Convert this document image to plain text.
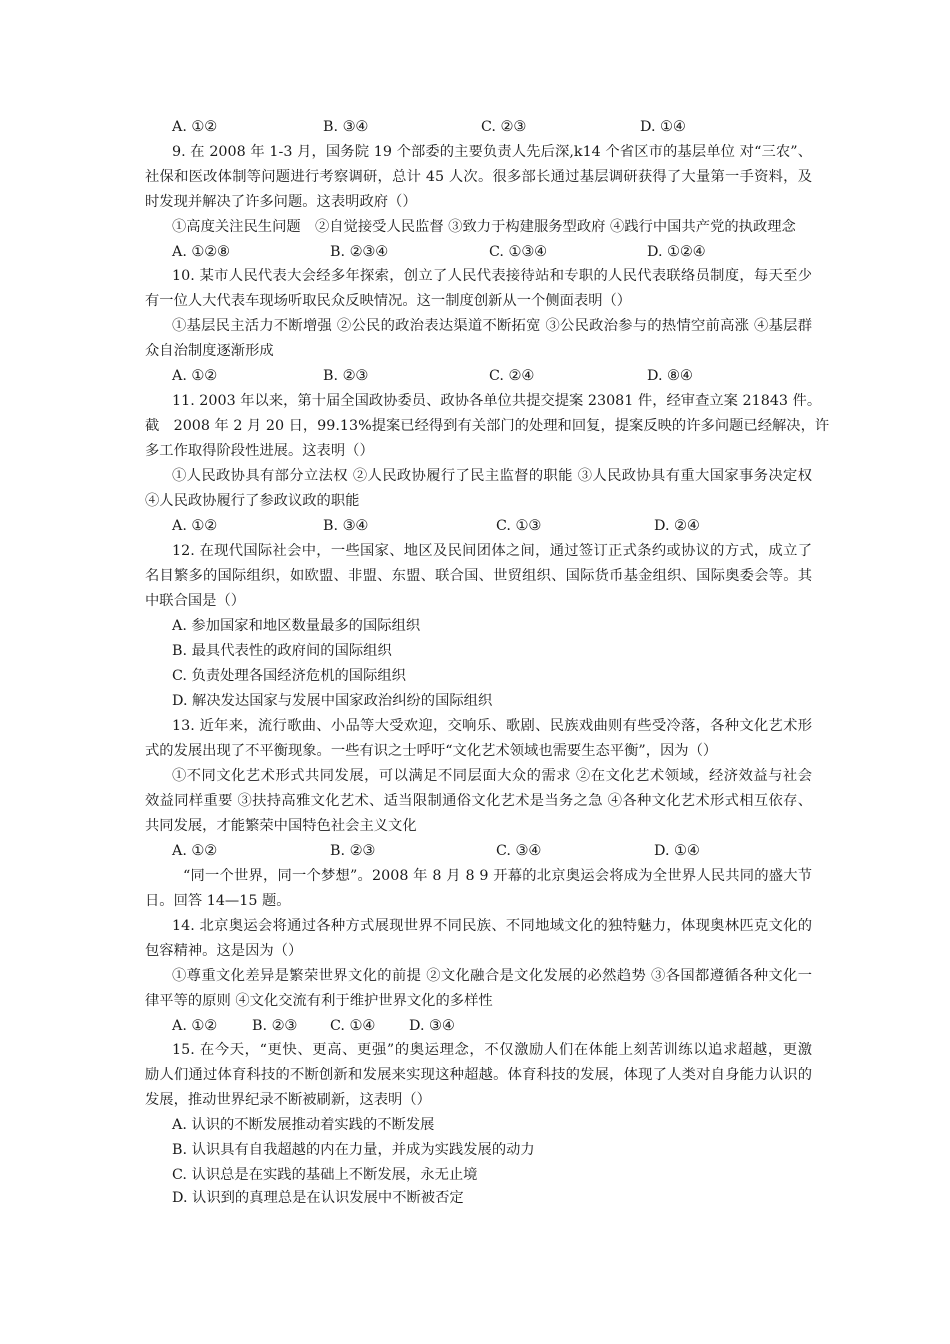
A. ①②	B. ③④	C. ②③	D. ①④
9. 在 2008 年 1-3 月，国务院 19 个部委的主要负责人先后深,k14 个省区市的基层单位 对“三农”、
社保和医改体制等问题进行考察调研，总计 45 人次。很多部长通过基层调研获得了大量第一手资料，及
时发现并解决了许多问题。这表明政府（）
①高度关注民生问题　②自觉接受人民监督 ③致力于构建服务型政府 ④践行中国共产党的执政理念
A. ①②⑧	B. ②③④	C. ①③④	D. ①②④
10. 某市人民代表大会经多年探索，创立了人民代表接待站和专职的人民代表联络员制度，每天至少
有一位人大代表车现场听取民众反映情况。这一制度创新从一个侧面表明（）
①基层民主活力不断增强 ②公民的政治表达渠道不断拓宽 ③公民政治参与的热情空前高涨 ④基层群
众自治制度逐渐形成
A. ①②	B. ②③	C. ②④	D. ⑧④
11. 2003 年以来，第十届全国政协委员、政协各单位共提交提案 23081 件，经审查立案 21843 件。
截　2008 年 2 月 20 日，99.13%提案已经得到有关部门的处理和回复，提案反映的许多问题已经解决，许
多工作取得阶段性进展。这表明（）
①人民政协具有部分立法权 ②人民政协履行了民主监督的职能 ③人民政协具有重大国家事务决定权
④人民政协履行了参政议政的职能
A. ①②	B. ③④	C. ①③	D. ②④
12. 在现代国际社会中，一些国家、地区及民间团体之间，通过签订正式条约或协议的方式，成立了
名目繁多的国际组织，如欧盟、非盟、东盟、联合国、世贸组织、国际货币基金组织、国际奥委会等。其
中联合国是（）
A. 参加国家和地区数量最多的国际组织
B. 最具代表性的政府间的国际组织
C. 负责处理各国经济危机的国际组织
D. 解决发达国家与发展中国家政治纠纷的国际组织
13. 近年来，流行歌曲、小品等大受欢迎，交响乐、歌剧、民族戏曲则有些受冷落，各种文化艺术形
式的发展出现了不平衡现象。一些有识之士呼吁“文化艺术领域也需要生态平衡”，因为（）
①不同文化艺术形式共同发展，可以满足不同层面大众的需求 ②在文化艺术领域，经济效益与社会
效益同样重要 ③扶持高雅文化艺术、适当限制通俗文化艺术是当务之急 ④各种文化艺术形式相互依存、
共同发展，才能繁荣中国特色社会主义文化
A. ①②	B. ②③	C. ③④	D. ①④
“同一个世界，同一个梦想”。2008 年 8 月 8 9 开幕的北京奥运会将成为全世界人民共同的盛大节
日。回答 14—15 题。
14. 北京奥运会将通过各种方式展现世界不同民族、不同地域文化的独特魅力，体现奥林匹克文化的
包容精神。这是因为（）
①尊重文化差异是繁荣世界文化的前提 ②文化融合是文化发展的必然趋势 ③各国都遵循各种文化一
律平等的原则 ④文化交流有利于维护世界文化的多样性
A. ①② B. ②③ C. ①④ D. ③④
15. 在今天，“更快、更高、更强”的奥运理念，不仅激励人们在体能上刻苦训练以追求超越，更激
励人们通过体育科技的不断创新和发展来实现这种超越。体育科技的发展，体现了人类对自身能力认识的
发展，推动世界纪录不断被刷新，这表明（）
A. 认识的不断发展推动着实践的不断发展
B. 认识具有自我超越的内在力量，并成为实践发展的动力
C. 认识总是在实践的基础上不断发展，永无止境
D. 认识到的真理总是在认识发展中不断被否定
